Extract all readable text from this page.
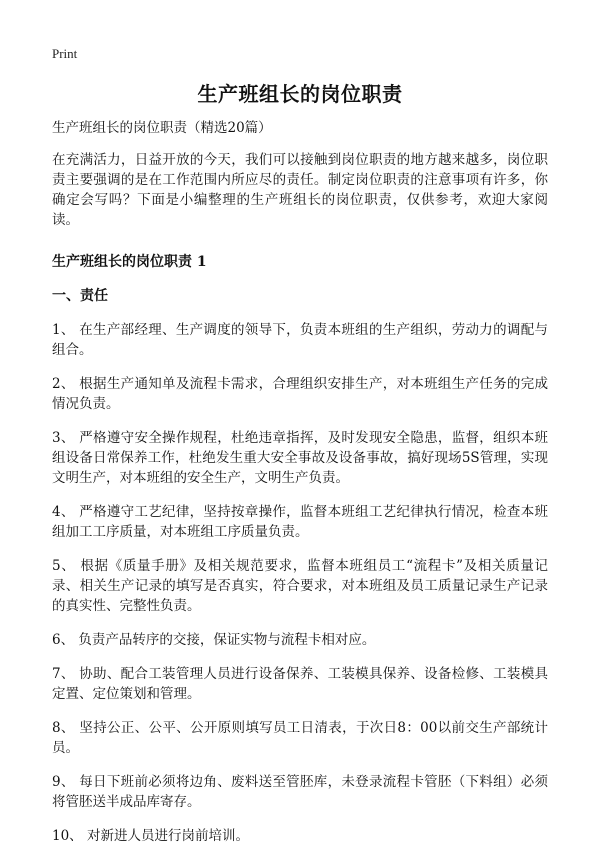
Print
生产班组长的岗位职责
生产班组长的岗位职责（精选20篇）
在充满活力，日益开放的今天，我们可以接触到岗位职责的地方越来越多，岗位职责主要强调的是在工作范围内所应尽的责任。制定岗位职责的注意事项有许多，你确定会写吗？下面是小编整理的生产班组长的岗位职责，仅供参考，欢迎大家阅读。
生产班组长的岗位职责 1
一、责任
1、 在生产部经理、生产调度的领导下，负责本班组的生产组织，劳动力的调配与组合。
2、 根据生产通知单及流程卡需求，合理组织安排生产，对本班组生产任务的完成情况负责。
3、 严格遵守安全操作规程，杜绝违章指挥，及时发现安全隐患，监督，组织本班组设备日常保养工作，杜绝发生重大安全事故及设备事故，搞好现场5S管理，实现文明生产，对本班组的安全生产，文明生产负责。
4、 严格遵守工艺纪律，坚持按章操作，监督本班组工艺纪律执行情况，检查本班组加工工序质量，对本班组工序质量负责。
5、 根据《质量手册》及相关规范要求，监督本班组员工“流程卡”及相关质量记录、相关生产记录的填写是否真实，符合要求，对本班组及员工质量记录生产记录的真实性、完整性负责。
6、 负责产品转序的交接，保证实物与流程卡相对应。
7、 协助、配合工装管理人员进行设备保养、工装模具保养、设备检修、工装模具定置、定位策划和管理。
8、 坚持公正、公平、公开原则填写员工日清表，于次日8：00以前交生产部统计员。
9、 每日下班前必须将边角、废料送至管胚库，未登录流程卡管胚（下料组）必须将管胚送半成品库寄存。
10、 对新进人员进行岗前培训。
